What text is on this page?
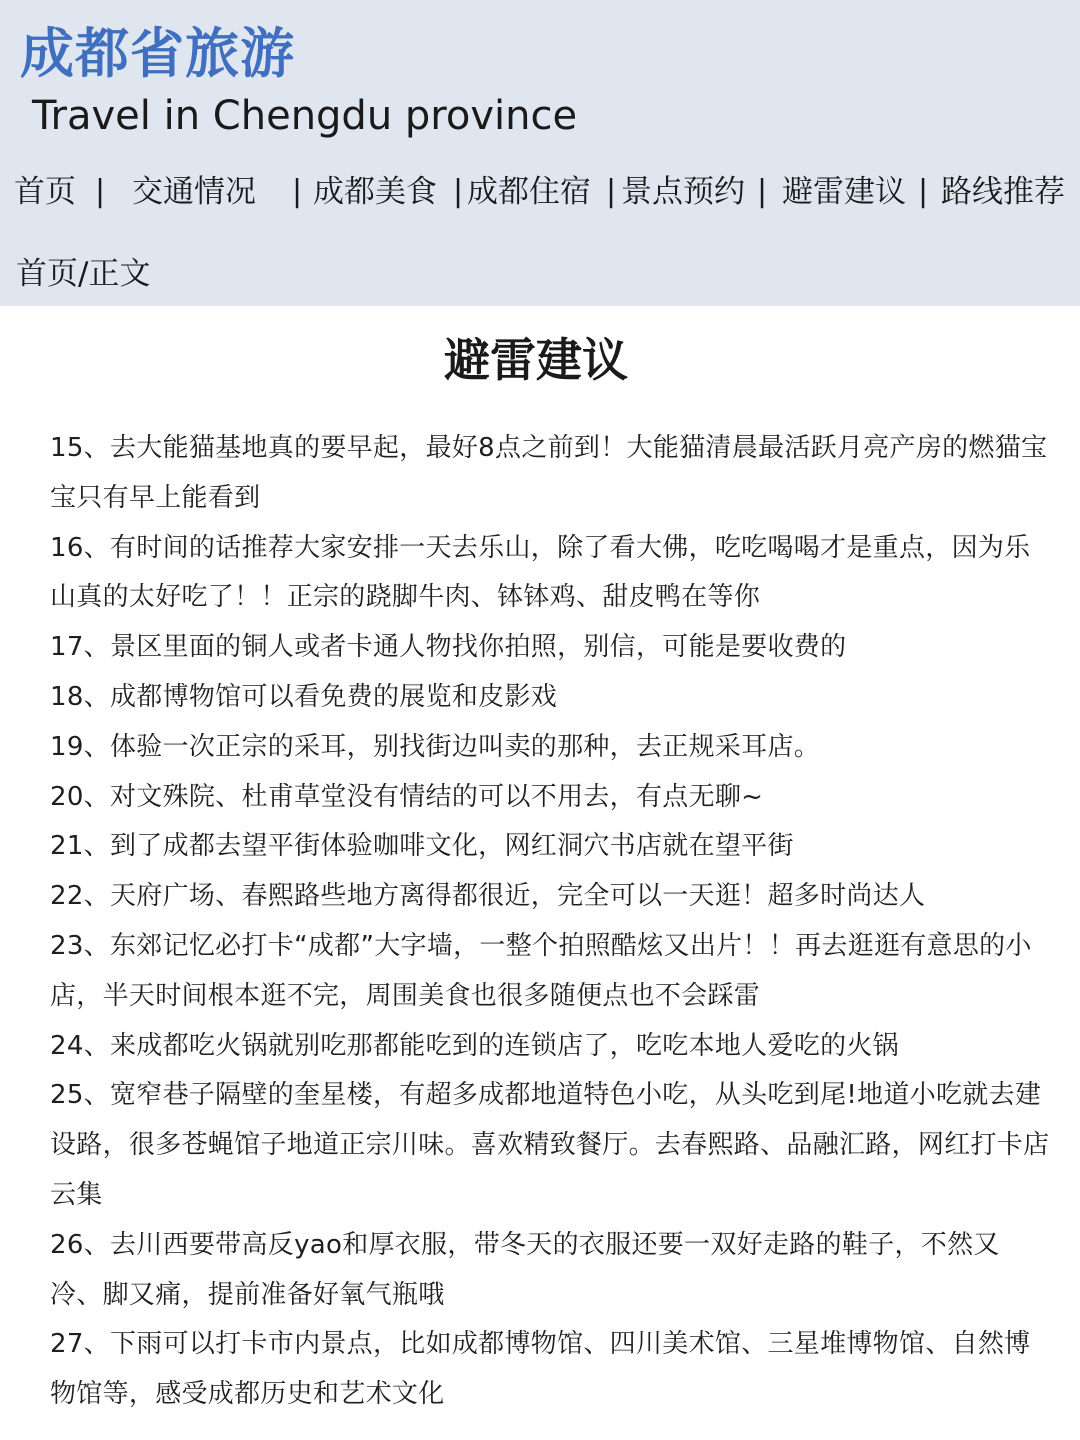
成都省旅游
Travel in Chengdu province
首页 | 交通情况 | 成都美食 | 成都住宿 | 景点预约 | 避雷建议 | 路线推荐
首页/正文
避雷建议
15、去大能猫基地真的要早起，最好8点之前到！大能猫清晨最活跃月亮产房的燃猫宝宝只有早上能看到
16、有时间的话推荐大家安排一天去乐山，除了看大佛，吃吃喝喝才是重点，因为乐山真的太好吃了！！正宗的跷脚牛肉、钵钵鸡、甜皮鸭在等你
17、景区里面的铜人或者卡通人物找你拍照，别信，可能是要收费的
18、成都博物馆可以看免费的展览和皮影戏
19、体验一次正宗的采耳，别找街边叫卖的那种，去正规采耳店。
20、对文殊院、杜甫草堂没有情结的可以不用去，有点无聊~
21、到了成都去望平街体验咖啡文化，网红洞穴书店就在望平街
22、天府广场、春熙路些地方离得都很近，完全可以一天逛！超多时尚达人
23、东郊记忆必打卡“成都”大字墙，一整个拍照酷炫又出片！！再去逛逛有意思的小店，半天时间根本逛不完，周围美食也很多随便点也不会踩雷
24、来成都吃火锅就别吃那都能吃到的连锁店了，吃吃本地人爱吃的火锅
25、宽窄巷子隔壁的奎星楼，有超多成都地道特色小吃，从头吃到尾!地道小吃就去建设路，很多苍蝇馆子地道正宗川味。喜欢精致餐厅。去春熙路、品融汇路，网红打卡店云集
26、去川西要带高反yao和厚衣服，带冬天的衣服还要一双好走路的鞋子，不然又冷、脚又痛，提前准备好氧气瓶哦
27、下雨可以打卡市内景点，比如成都博物馆、四川美术馆、三星堆博物馆、自然博物馆等，感受成都历史和艺术文化
